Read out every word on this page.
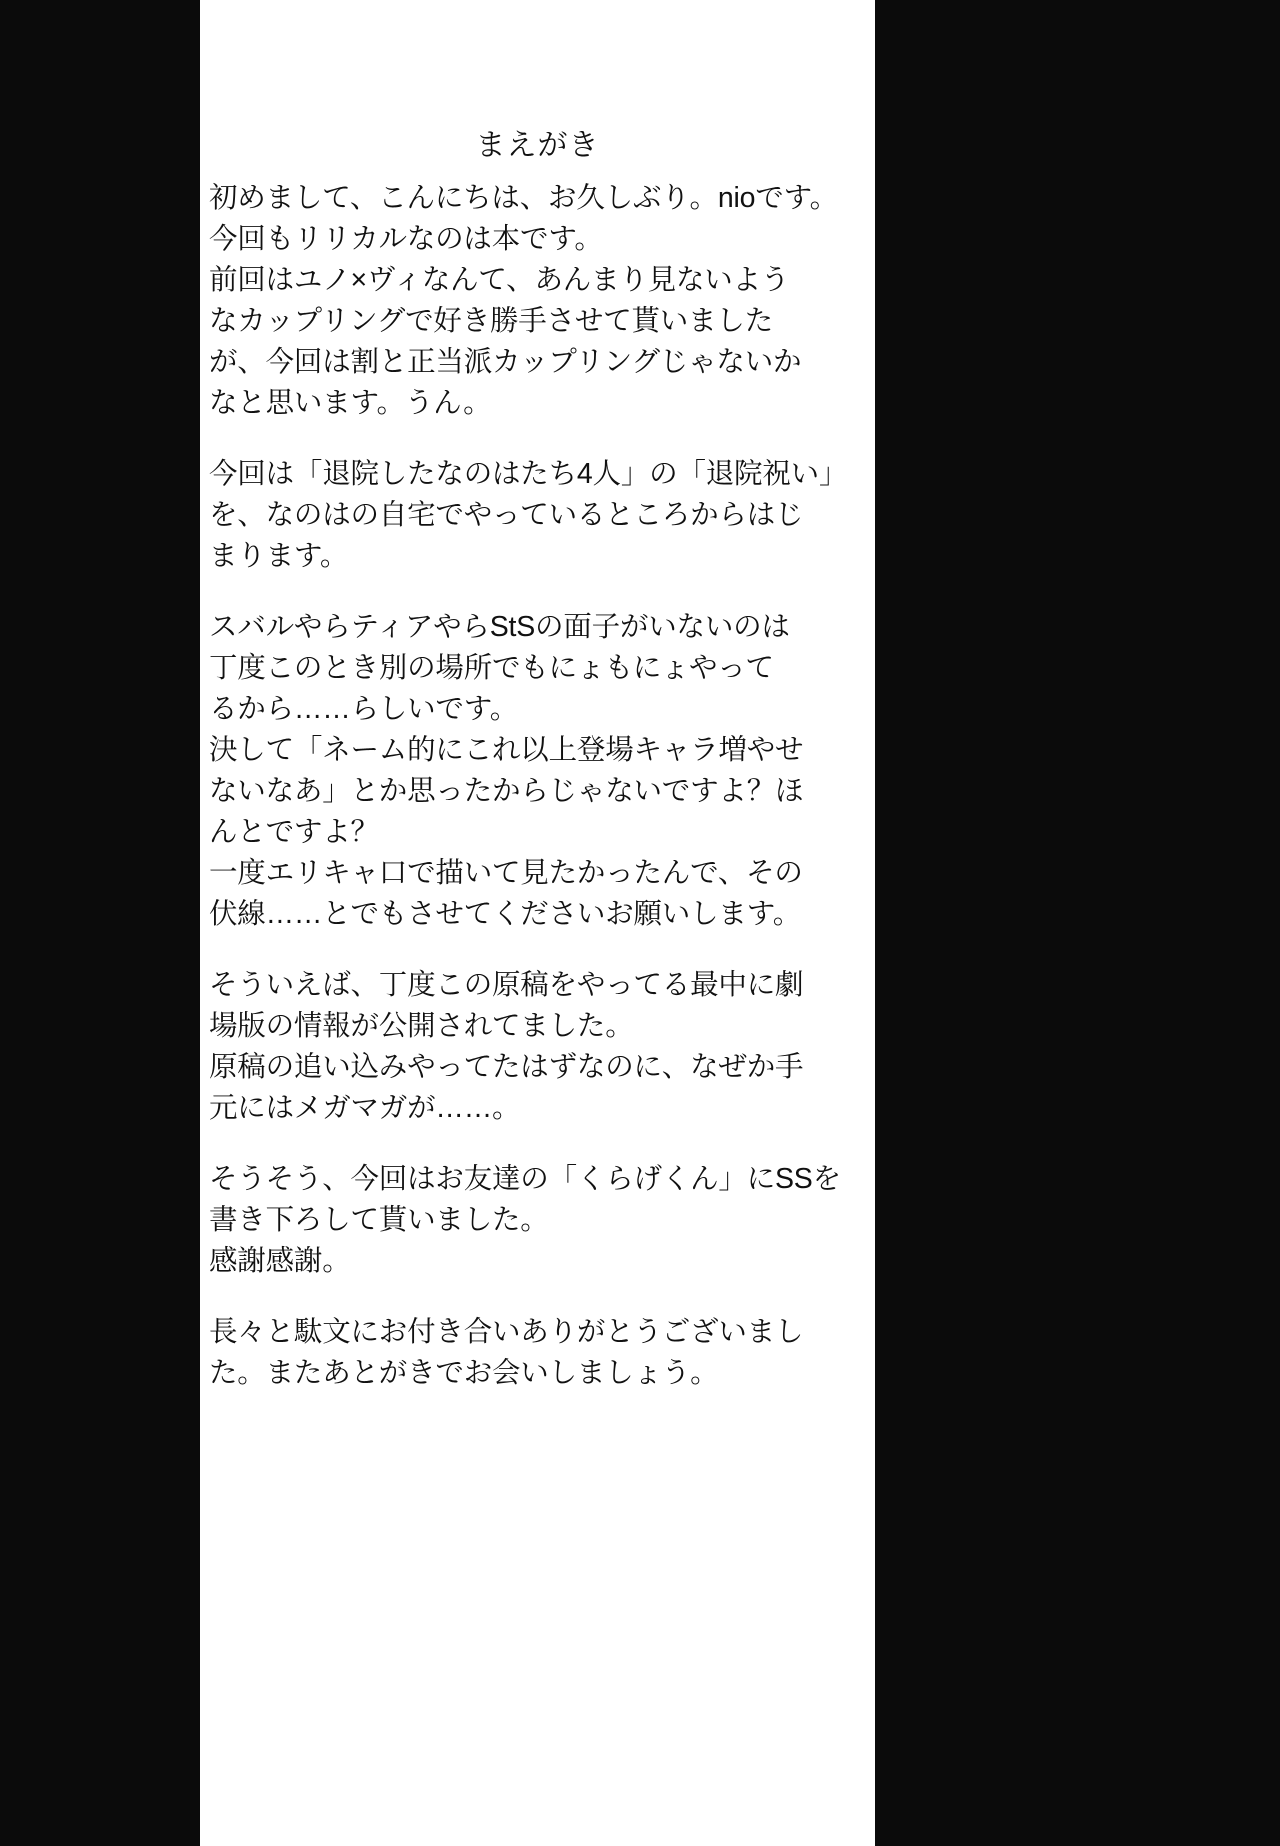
まえがき

初めまして、こんにちは、お久しぶり。nioです。
今回もリリカルなのは本です。
前回はユノ×ヴィなんて、あんまり見ないよう
なカップリングで好き勝手させて貰いました
が、今回は割と正当派カップリングじゃないか
なと思います。うん。

今回は「退院したなのはたち4人」の「退院祝い」
を、なのはの自宅でやっているところからはじ
まります。

スバルやらティアやらStSの面子がいないのは
丁度このとき別の場所でもにょもにょやって
るから……らしいです。
決して「ネーム的にこれ以上登場キャラ増やせ
ないなあ」とか思ったからじゃないですよ？ほ
んとですよ？
一度エリキャ口で描いて見たかったんで、その
伏線……とでもさせてくださいお願いします。

そういえば、丁度この原稿をやってる最中に劇
場版の情報が公開されてました。
原稿の追い込みやってたはずなのに、なぜか手
元にはメガマガが……。

そうそう、今回はお友達の「くらげくん」にSSを
書き下ろして貰いました。
感謝感謝。

長々と駄文にお付き合いありがとうございまし
た。またあとがきでお会いしましょう。
